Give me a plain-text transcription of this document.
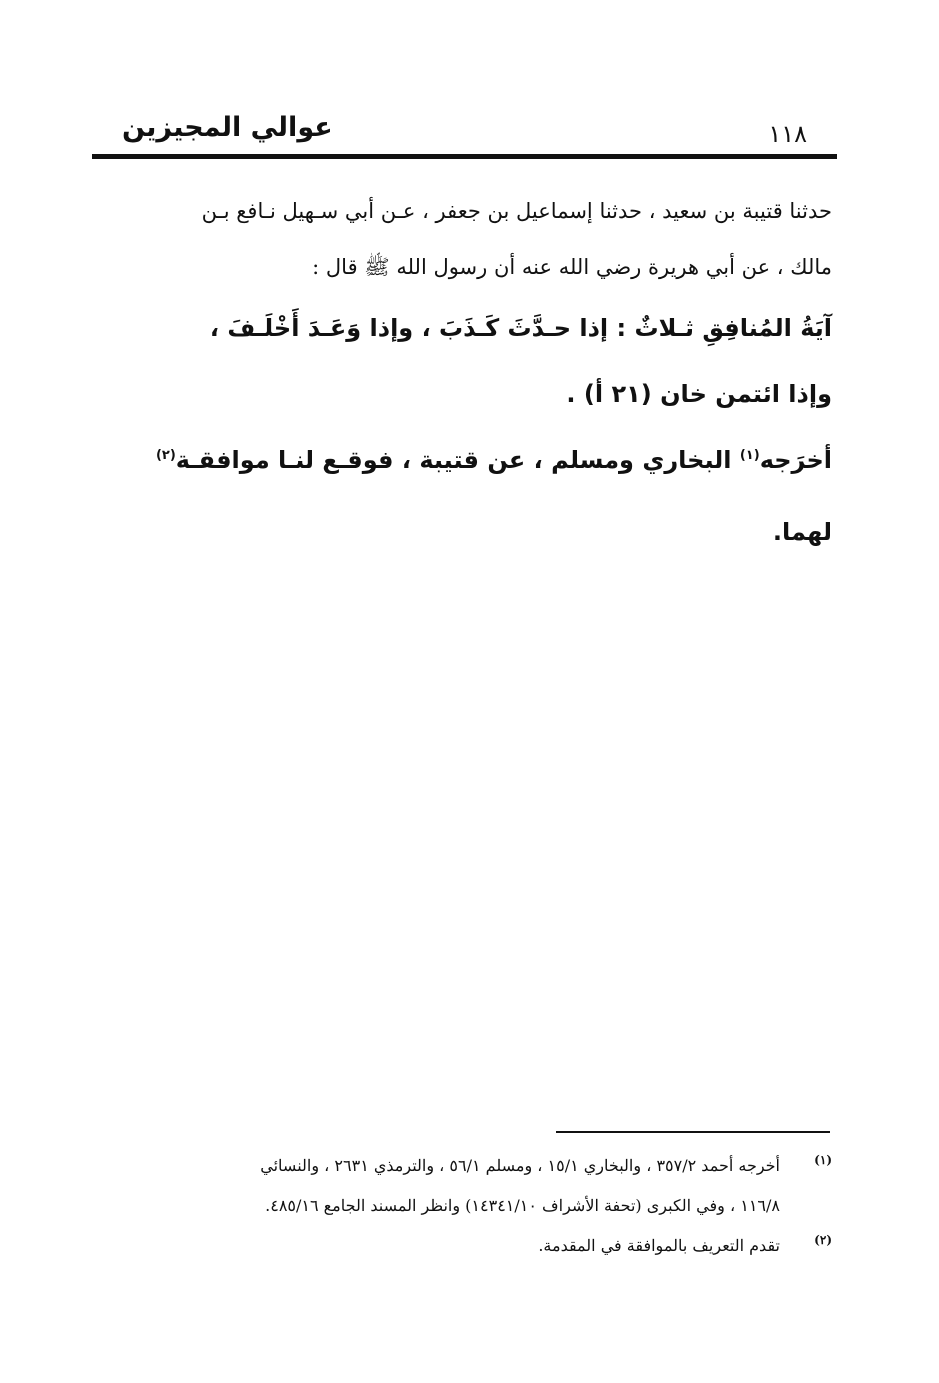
عوالي المجيزين	١١٨
حدثنا قتيبة بن سعيد ، حدثنا إسماعيل بن جعفر ، عـن أبي سـهيل نـافع بـن
مالك ، عن أبي هريرة رضي الله عنه أن رسول الله ﷺ قال :
آيَةُ المُنافِقِ ثـلاثٌ : إذا حـدَّثَ كَـذَبَ ، وإذا وَعَـدَ أَخْلَـفَ ،
وإذا ائتمن خان (٢١ أ) .
أخرَجه$^{(١)}$ البخاري ومسلم ، عن قتيبة ، فوقـع لنـا موافقـة$^{(٢)}$
لهما.
(١)
أخرجه أحمد ٣٥٧/٢ ، والبخاري ١٥/١ ، ومسلم ٥٦/١ ، والترمذي ٢٦٣١ ، والنسائي
١١٦/٨ ، وفي الكبرى (تحفة الأشراف ١٤٣٤١/١٠) وانظر المسند الجامع ٤٨٥/١٦.
(٢)
تقدم التعريف بالموافقة في المقدمة.
